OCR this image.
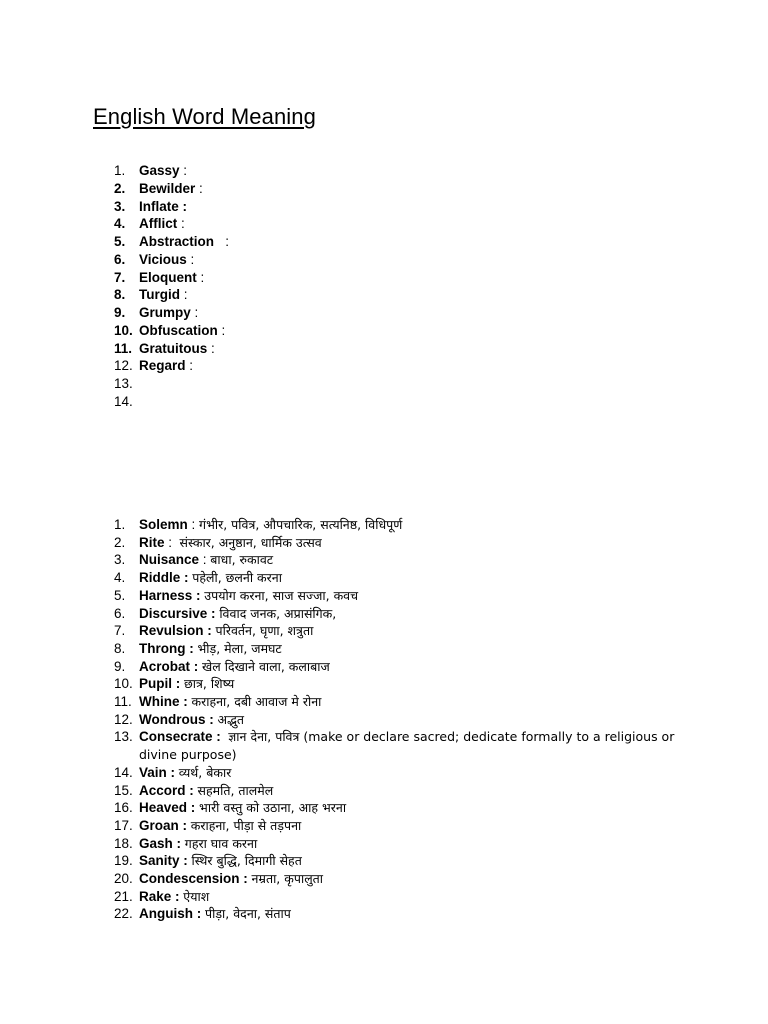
English Word Meaning
1.	Gassy :
2.	Bewilder :
3.	Inflate :
4.	Afflict :
5.	Abstraction   :
6.	Vicious :
7.	Eloquent :
8.	Turgid :
9.	Grumpy :
10. Obfuscation :
11. Gratuitous :
12. Regard :
13.
14.
1.	Solemn : गंभीर, पवित्र, औपचारिक, सत्यनिष्ठ, विधिपूर्ण
2.	Rite :  संस्कार, अनुष्ठान, धार्मिक उत्सव
3.	Nuisance : बाधा, रुकावट
4.	Riddle : पहेली, छलनी करना
5.	Harness : उपयोग करना, साज सज्जा, कवच
6.	Discursive : विवाद जनक, अप्रासंगिक,
7.	Revulsion : परिवर्तन, घृणा, शत्रुता
8.	Throng : भीड़, मेला, जमघट
9.	Acrobat : खेल दिखाने वाला, कलाबाज
10. Pupil : छात्र, शिष्य
11. Whine : कराहना, दबी आवाज मे रोना
12. Wondrous : अद्भुत
13. Consecrate : ज्ञान देना, पवित्र (make or declare sacred; dedicate formally to a religious or divine purpose)
14. Vain : व्यर्थ, बेकार
15. Accord : सहमति, तालमेल
16. Heaved : भारी वस्तु को उठाना, आह भरना
17. Groan : कराहना, पीड़ा से तड़पना
18. Gash : गहरा घाव करना
19. Sanity : स्थिर बुद्धि, दिमागी सेहत
20. Condescension : नम्रता, कृपालुता
21. Rake : ऐयाश
22. Anguish : पीड़ा, वेदना, संताप
